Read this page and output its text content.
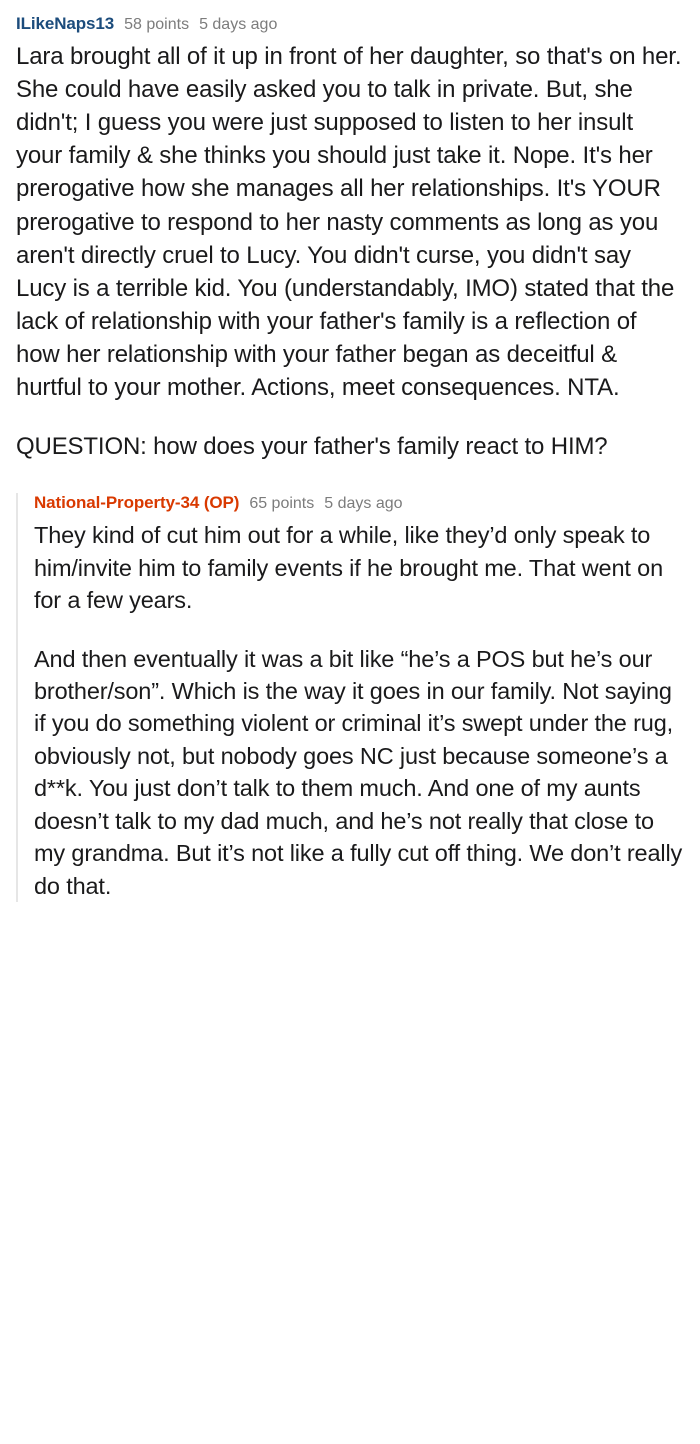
ILikeNaps13 58 points 5 days ago

Lara brought all of it up in front of her daughter, so that's on her. She could have easily asked you to talk in private. But, she didn't; I guess you were just supposed to listen to her insult your family & she thinks you should just take it. Nope. It's her prerogative how she manages all her relationships. It's YOUR prerogative to respond to her nasty comments as long as you aren't directly cruel to Lucy. You didn't curse, you didn't say Lucy is a terrible kid. You (understandably, IMO) stated that the lack of relationship with your father's family is a reflection of how her relationship with your father began as deceitful & hurtful to your mother. Actions, meet consequences. NTA.

QUESTION: how does your father's family react to HIM?

National-Property-34 (OP) 65 points 5 days ago

They kind of cut him out for a while, like they’d only speak to him/invite him to family events if he brought me. That went on for a few years.

And then eventually it was a bit like “he’s a POS but he’s our brother/son”. Which is the way it goes in our family. Not saying if you do something violent or criminal it’s swept under the rug, obviously not, but nobody goes NC just because someone’s a d**k. You just don’t talk to them much. And one of my aunts doesn’t talk to my dad much, and he’s not really that close to my grandma. But it’s not like a fully cut off thing. We don’t really do that.
